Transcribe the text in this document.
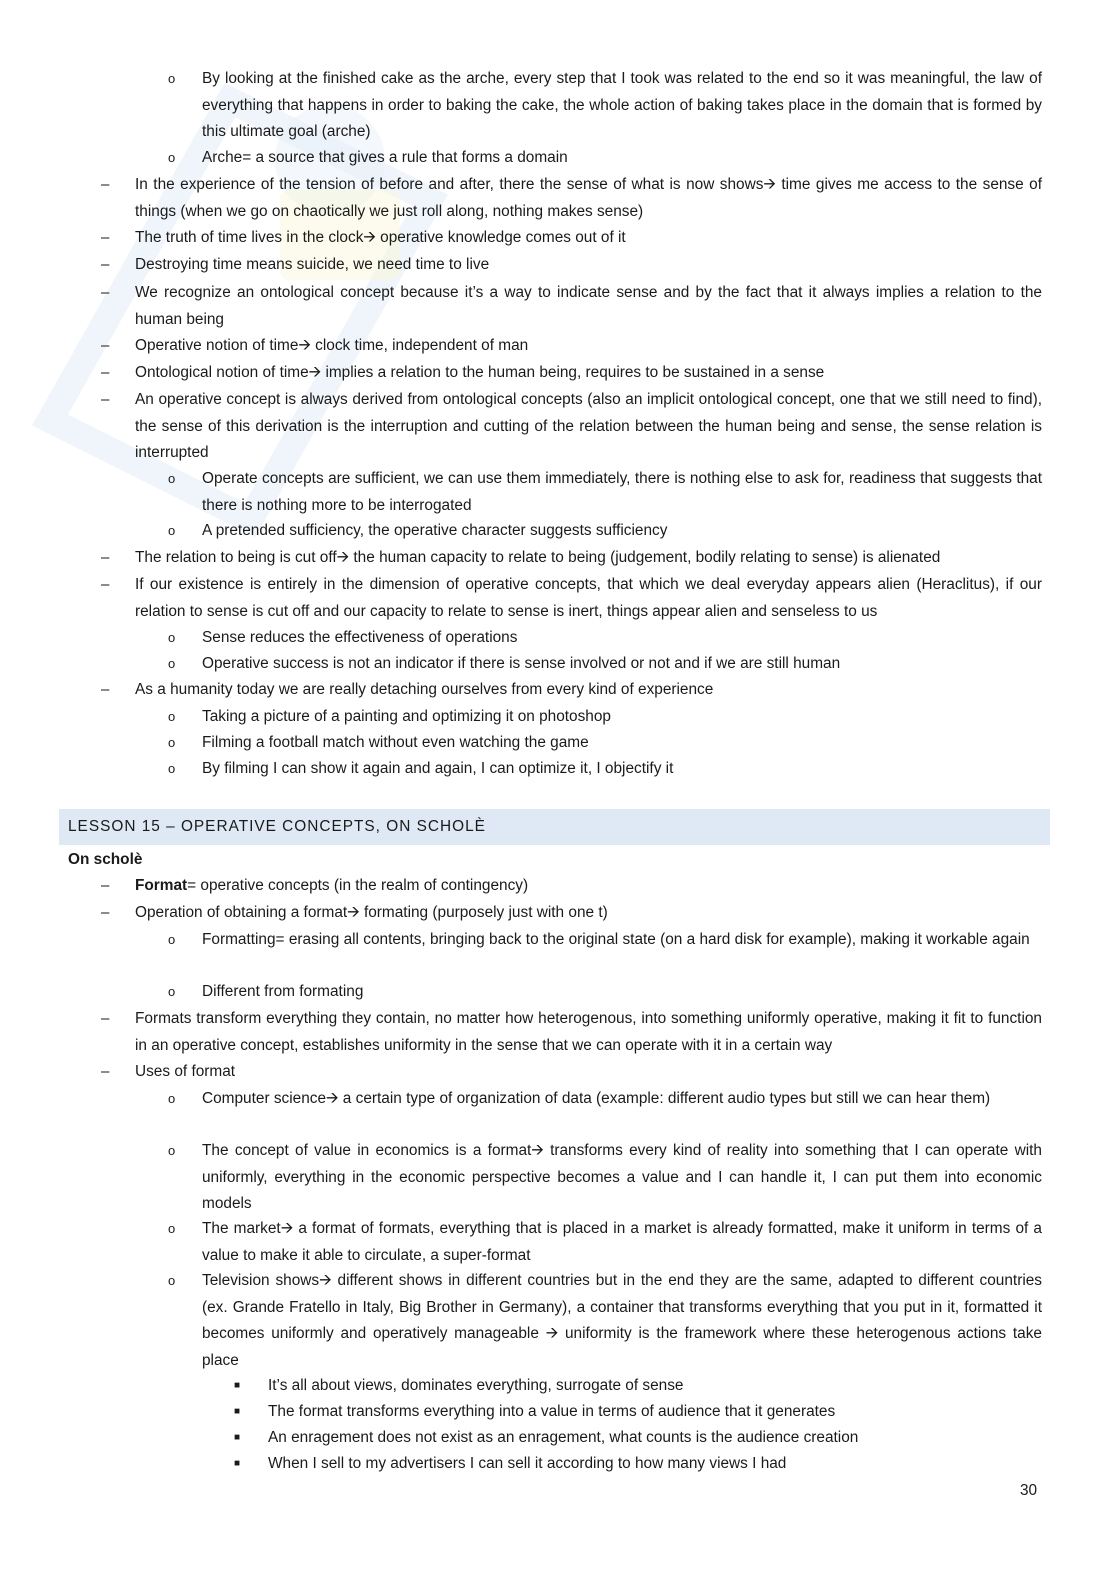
LESSON 15 – OPERATIVE CONCEPTS, ON SCHOLÈ
On scholè
o By looking at the finished cake as the arche, every step that I took was related to the end so it was meaningful, the law of everything that happens in order to baking the cake, the whole action of baking takes place in the domain that is formed by this ultimate goal (arche)
o Arche= a source that gives a rule that forms a domain
– In the experience of the tension of before and after, there the sense of what is now shows🡪 time gives me access to the sense of things (when we go on chaotically we just roll along, nothing makes sense)
– The truth of time lives in the clock🡪 operative knowledge comes out of it
– Destroying time means suicide, we need time to live
– We recognize an ontological concept because it’s a way to indicate sense and by the fact that it always implies a relation to the human being
– Operative notion of time🡪 clock time, independent of man
– Ontological notion of time🡪 implies a relation to the human being, requires to be sustained in a sense
– An operative concept is always derived from ontological concepts (also an implicit ontological concept, one that we still need to find), the sense of this derivation is the interruption and cutting of the relation between the human being and sense, the sense relation is interrupted
o Operate concepts are sufficient, we can use them immediately, there is nothing else to ask for, readiness that suggests that there is nothing more to be interrogated
o A pretended sufficiency, the operative character suggests sufficiency
– The relation to being is cut off🡪 the human capacity to relate to being (judgement, bodily relating to sense) is alienated
– If our existence is entirely in the dimension of operative concepts, that which we deal everyday appears alien (Heraclitus), if our relation to sense is cut off and our capacity to relate to sense is inert, things appear alien and senseless to us
o Sense reduces the effectiveness of operations
o Operative success is not an indicator if there is sense involved or not and if we are still human
– As a humanity today we are really detaching ourselves from every kind of experience
o Taking a picture of a painting and optimizing it on photoshop
o Filming a football match without even watching the game
o By filming I can show it again and again, I can optimize it, I objectify it
– Format= operative concepts (in the realm of contingency)
– Operation of obtaining a format🡪 formating (purposely just with one t)
o Formatting= erasing all contents, bringing back to the original state (on a hard disk for example), making it workable again
o Different from formating
– Formats transform everything they contain, no matter how heterogenous, into something uniformly operative, making it fit to function in an operative concept, establishes uniformity in the sense that we can operate with it in a certain way
– Uses of format
o Computer science🡪 a certain type of organization of data (example: different audio types but still we can hear them)
o The concept of value in economics is a format🡪 transforms every kind of reality into something that I can operate with uniformly, everything in the economic perspective becomes a value and I can handle it, I can put them into economic models
o The market🡪 a format of formats, everything that is placed in a market is already formatted, make it uniform in terms of a value to make it able to circulate, a super-format
o Television shows🡪 different shows in different countries but in the end they are the same, adapted to different countries (ex. Grande Fratello in Italy, Big Brother in Germany), a container that transforms everything that you put in it, formatted it becomes uniformly and operatively manageable 🡪 uniformity is the framework where these heterogenous actions take place
■ It’s all about views, dominates everything, surrogate of sense
■ The format transforms everything into a value in terms of audience that it generates
■ An enragement does not exist as an enragement, what counts is the audience creation
■ When I sell to my advertisers I can sell it according to how many views I had
30
